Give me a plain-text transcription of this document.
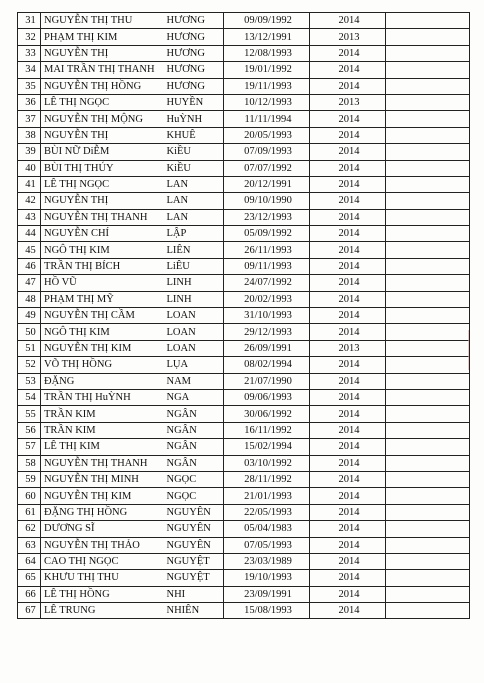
31	NGUYỄN THỊ THU	HƯƠNG	09/09/1992	2014	
32	PHẠM THỊ KIM	HƯƠNG	13/12/1991	2013	
33	NGUYỄN THỊ	HƯƠNG	12/08/1993	2014	
34	MAI TRẦN THỊ THANH	HƯƠNG	19/01/1992	2014	
35	NGUYỄN THỊ HỒNG	HƯƠNG	19/11/1993	2014	
36	LÊ THỊ NGỌC	HUYỀN	10/12/1993	2013	
37	NGUYỄN THỊ MỘNG	HuỲNH	11/11/1994	2014	
38	NGUYỄN THỊ	KHUÊ	20/05/1993	2014	
39	BÙI NỮ DiỄM	KiỀU	07/09/1993	2014	
40	BÙI THỊ THÚY	KiỀU	07/07/1992	2014	
41	LÊ THỊ NGỌC	LAN	20/12/1991	2014	
42	NGUYỄN THỊ	LAN	09/10/1990	2014	
43	NGUYỄN THỊ THANH	LAN	23/12/1993	2014	
44	NGUYỄN CHÍ	LẬP	05/09/1992	2014	
45	NGÔ THỊ KIM	LIÊN	26/11/1993	2014	
46	TRẦN THỊ BÍCH	LiÊU	09/11/1993	2014	
47	HỒ VŨ	LINH	24/07/1992	2014	
48	PHẠM THỊ MỸ	LINH	20/02/1993	2014	
49	NGUYỄN THỊ CẦM	LOAN	31/10/1993	2014	
50	NGÔ THỊ KIM	LOAN	29/12/1993	2014	
51	NGUYỄN THỊ KIM	LOAN	26/09/1991	2013	
52	VÕ THỊ HỒNG	LỤA	08/02/1994	2014	
53	ĐẶNG	NAM	21/07/1990	2014	
54	TRẦN THỊ HuỲNH	NGA	09/06/1993	2014	
55	TRẦN KIM	NGÂN	30/06/1992	2014	
56	TRẦN KIM	NGÂN	16/11/1992	2014	
57	LÊ THỊ KIM	NGÂN	15/02/1994	2014	
58	NGUYỄN THỊ THANH	NGÂN	03/10/1992	2014	
59	NGUYỄN THỊ MINH	NGỌC	28/11/1992	2014	
60	NGUYỄN THỊ KIM	NGỌC	21/01/1993	2014	
61	ĐẶNG THỊ HỒNG	NGUYÊN	22/05/1993	2014	
62	DƯƠNG SĨ	NGUYÊN	05/04/1983	2014	
63	NGUYỄN THỊ THẢO	NGUYÊN	07/05/1993	2014	
64	CAO THỊ NGỌC	NGUYỆT	23/03/1989	2014	
65	KHƯU THỊ THU	NGUYỆT	19/10/1993	2014	
66	LÊ THỊ HỒNG	NHI	23/09/1991	2014	
67	LÊ TRUNG	NHIÊN	15/08/1993	2014	
